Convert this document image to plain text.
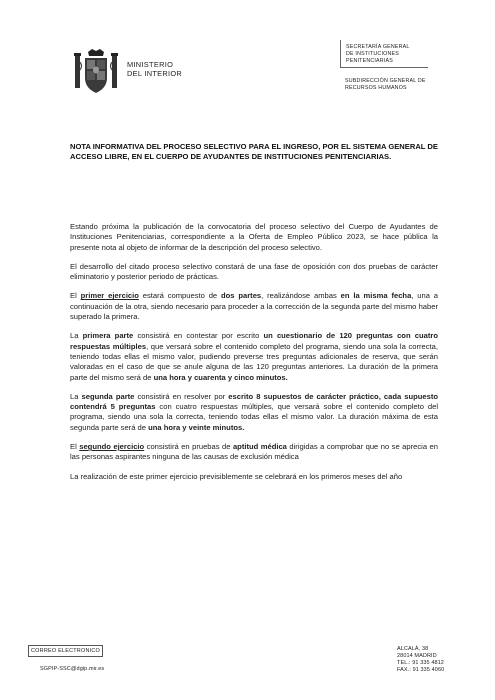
MINISTERIO
DEL INTERIOR
SECRETARÍA GENERAL
DE INSTITUCIONES
PENITENCIARIAS
SUBDIRECCIÓN GENERAL DE
RECURSOS HUMANOS
NOTA INFORMATIVA DEL PROCESO SELECTIVO PARA EL INGRESO, POR EL SISTEMA GENERAL DE ACCESO LIBRE, EN EL CUERPO DE AYUDANTES DE INSTITUCIONES PENITENCIARIAS.

Estando próxima la publicación de la convocatoria del proceso selectivo del Cuerpo de Ayudantes de Instituciones Penitenciarias, correspondiente a la Oferta de Empleo Público 2023, se hace pública la presente nota al objeto de informar de la descripción del proceso selectivo.

El desarrollo del citado proceso selectivo constará de una fase de oposición con dos pruebas de carácter eliminatorio y posterior periodo de prácticas.

El primer ejercicio estará compuesto de dos partes, realizándose ambas en la misma fecha, una a continuación de la otra, siendo necesario para proceder a la corrección de la segunda parte del mismo haber superado la primera.

La primera parte consistirá en contestar por escrito un cuestionario de 120 preguntas con cuatro respuestas múltiples, que versará sobre el contenido completo del programa, siendo una sola la correcta, teniendo todas ellas el mismo valor, pudiendo preverse tres preguntas adicionales de reserva, que serán valoradas en el caso de que se anule alguna de las 120 preguntas anteriores. La duración de la primera parte del mismo será de una hora y cuarenta y cinco minutos.

La segunda parte consistirá en resolver por escrito 8 supuestos de carácter práctico, cada supuesto contendrá 5 preguntas con cuatro respuestas múltiples, que versará sobre el contenido completo del programa, siendo una sola la correcta, teniendo todas ellas el mismo valor. La duración máxima de esta segunda parte será de una hora y veinte minutos.

El segundo ejercicio consistirá en pruebas de aptitud médica dirigidas a comprobar que no se aprecia en las personas aspirantes ninguna de las causas de exclusión médica

La realización de este primer ejercicio previsiblemente se celebrará en los primeros meses del año

CORREO ELECTRONICO
SGPIP-SSC@dgip.mir.es
ALCALÁ, 38
28014 MADRID
TEL.: 91 335 4812
FAX.: 91 335 4060
